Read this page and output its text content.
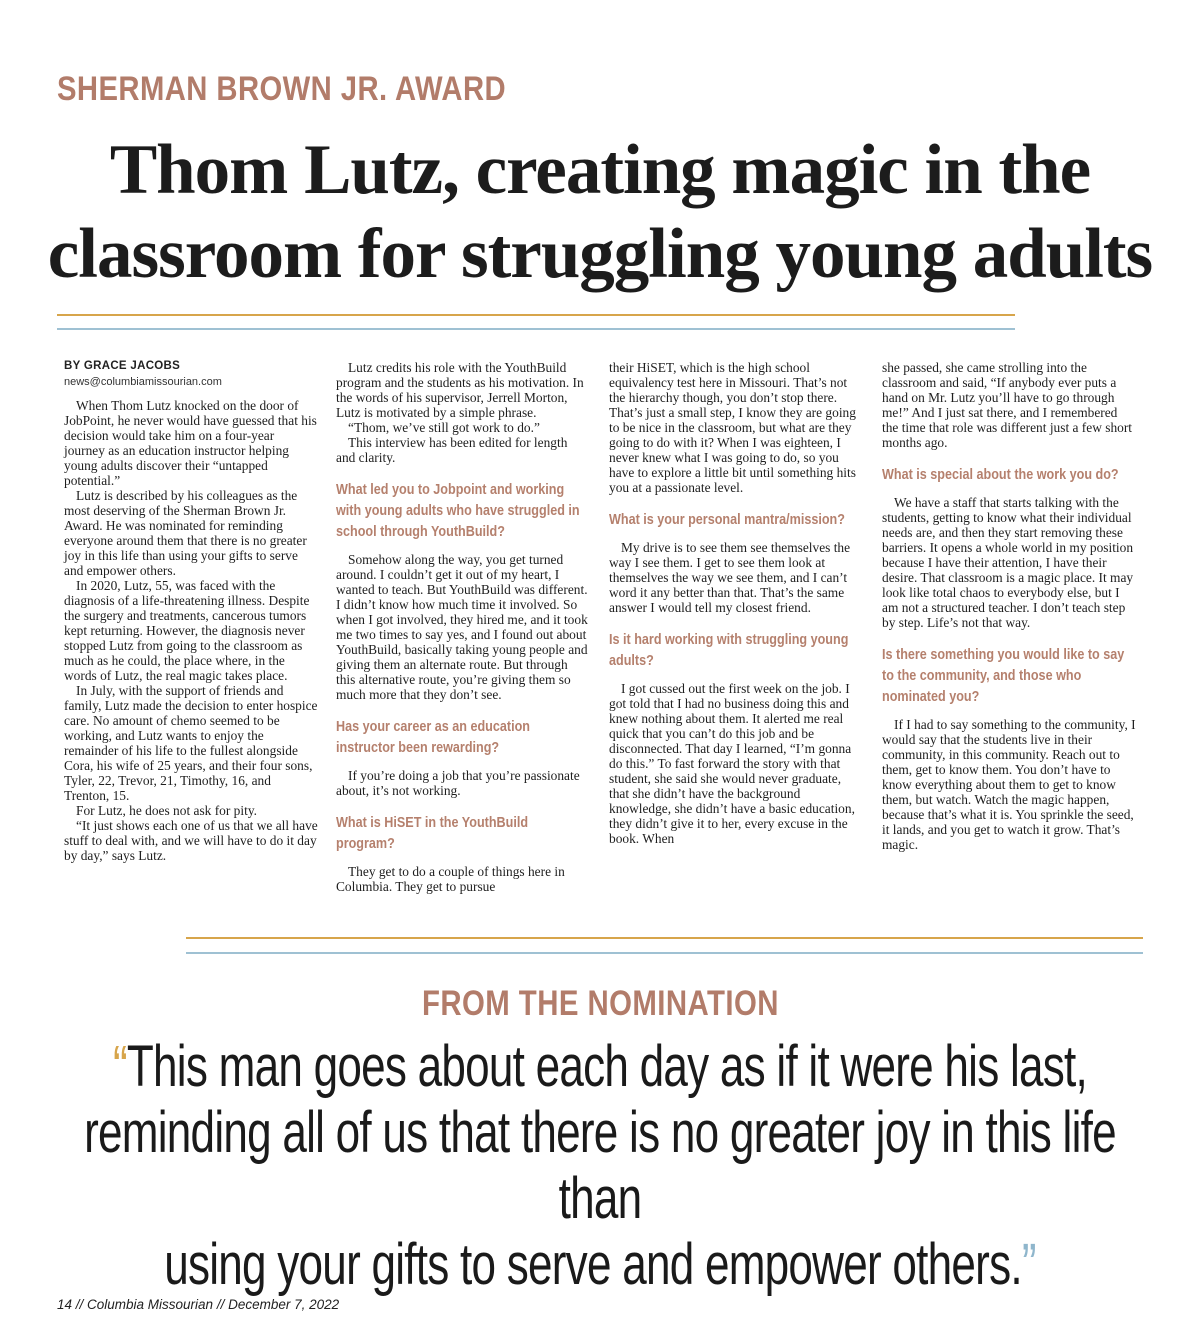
SHERMAN BROWN JR. AWARD
Thom Lutz, creating magic in the
classroom for struggling young adults
BY GRACE JACOBS
news@columbiamissourian.com

When Thom Lutz knocked on the door of JobPoint, he never would have guessed that his decision would take him on a four-year journey as an education instructor helping young adults discover their “untapped potential.”

Lutz is described by his colleagues as the most deserving of the Sherman Brown Jr. Award. He was nominated for reminding everyone around them that there is no greater joy in this life than using your gifts to serve and empower others.

In 2020, Lutz, 55, was faced with the diagnosis of a life-threatening illness. Despite the surgery and treatments, cancerous tumors kept returning. However, the diagnosis never stopped Lutz from going to the classroom as much as he could, the place where, in the words of Lutz, the real magic takes place.

In July, with the support of friends and family, Lutz made the decision to enter hospice care. No amount of chemo seemed to be working, and Lutz wants to enjoy the remainder of his life to the fullest alongside Cora, his wife of 25 years, and their four sons, Tyler, 22, Trevor, 21, Timothy, 16, and Trenton, 15.

For Lutz, he does not ask for pity.

“It just shows each one of us that we all have stuff to deal with, and we will have to do it day by day,” says Lutz.

Lutz credits his role with the YouthBuild program and the students as his motivation. In the words of his supervisor, Jerrell Morton, Lutz is motivated by a simple phrase.

“Thom, we’ve still got work to do.”

This interview has been edited for length and clarity.

What led you to Jobpoint and working with young adults who have struggled in school through YouthBuild?

Somehow along the way, you get turned around. I couldn’t get it out of my heart, I wanted to teach. But YouthBuild was different. I didn’t know how much time it involved. So when I got involved, they hired me, and it took me two times to say yes, and I found out about YouthBuild, basically taking young people and giving them an alternate route. But through this alternative route, you’re giving them so much more that they don’t see.

Has your career as an education instructor been rewarding?

If you’re doing a job that you’re passionate about, it’s not working.

What is HiSET in the YouthBuild program?

They get to do a couple of things here in Columbia. They get to pursue

their HiSET, which is the high school equivalency test here in Missouri. That’s not the hierarchy though, you don’t stop there. That’s just a small step, I know they are going to be nice in the classroom, but what are they going to do with it? When I was eighteen, I never knew what I was going to do, so you have to explore a little bit until something hits you at a passionate level.

What is your personal mantra/mission?

My drive is to see them see themselves the way I see them. I get to see them look at themselves the way we see them, and I can’t word it any better than that. That’s the same answer I would tell my closest friend.

Is it hard working with struggling young adults?

I got cussed out the first week on the job. I got told that I had no business doing this and knew nothing about them. It alerted me real quick that you can’t do this job and be disconnected. That day I learned, “I’m gonna do this.” To fast forward the story with that student, she said she would never graduate, that she didn’t have the background knowledge, she didn’t have a basic education, they didn’t give it to her, every excuse in the book. When

she passed, she came strolling into the classroom and said, “If anybody ever puts a hand on Mr. Lutz you’ll have to go through me!” And I just sat there, and I remembered the time that role was different just a few short months ago.

What is special about the work you do?

We have a staff that starts talking with the students, getting to know what their individual needs are, and then they start removing these barriers. It opens a whole world in my position because I have their attention, I have their desire. That classroom is a magic place. It may look like total chaos to everybody else, but I am not a structured teacher. I don’t teach step by step. Life’s not that way.

Is there something you would like to say to the community, and those who nominated you?

If I had to say something to the community, I would say that the students live in their community, in this community. Reach out to them, get to know them. You don’t have to know everything about them to get to know them, but watch. Watch the magic happen, because that’s what it is. You sprinkle the seed, it lands, and you get to watch it grow. That’s magic.

FROM THE NOMINATION
“This man goes about each day as if it were his last,
reminding all of us that there is no greater joy in this life than
using your gifts to serve and empower others.”
14 // Columbia Missourian // December 7, 2022
